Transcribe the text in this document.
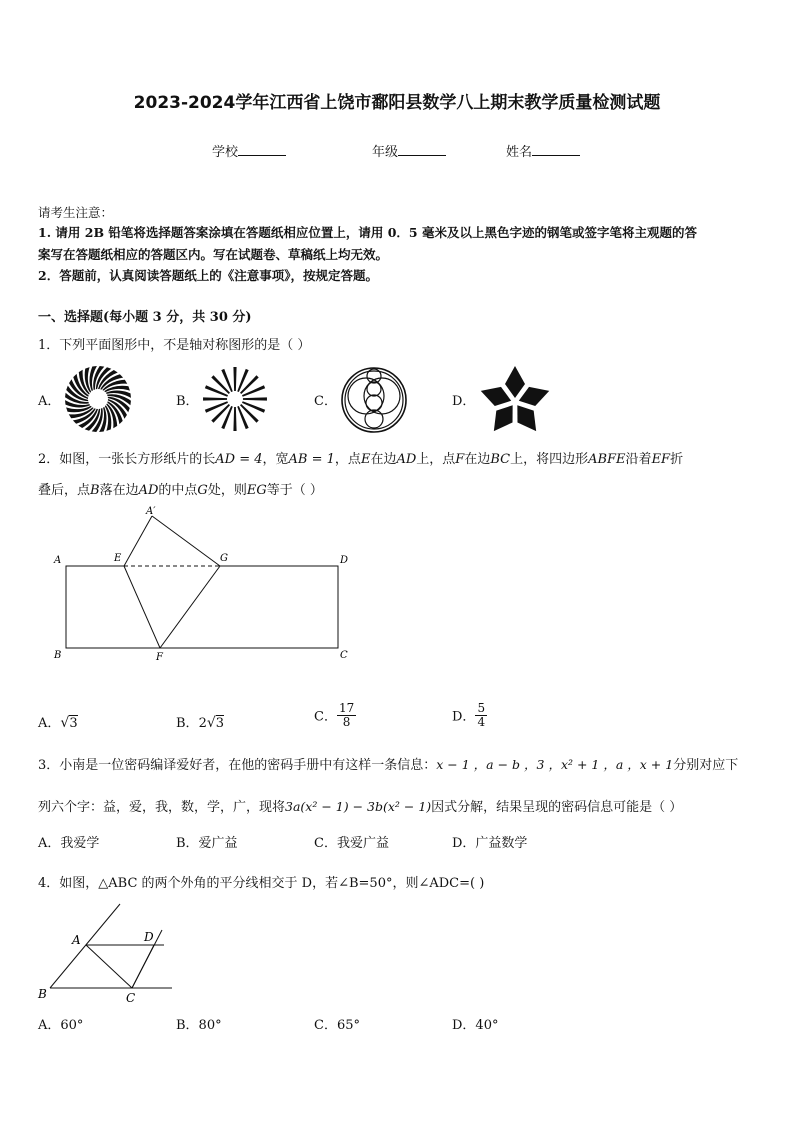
2023-2024学年江西省上饶市鄱阳县数学八上期末教学质量检测试题
学校	年级	姓名
请考生注意：
1. 请用 2B 铅笔将选择题答案涂填在答题纸相应位置上，请用 0．5 毫米及以上黑色字迹的钢笔或签字笔将主观题的答
案写在答题纸相应的答题区内。写在试题卷、草稿纸上均无效。
2．答题前，认真阅读答题纸上的《注意事项》，按规定答题。
一、选择题(每小题 3 分，共 30 分)
1．下列平面图形中，不是轴对称图形的是（ ）
A．	B．	C．	D．
2．如图，一张长方形纸片的长AD = 4，宽AB = 1，点E在边AD上，点F在边BC上，将四边形ABFE沿着EF折
叠后，点B落在边AD的中点G处，则EG等于（ ）
A′
A	E	G	D
B	F	C
A．√3	B．2√3	C． $\frac{17}{8}$	D． $\frac{5}{4}$
3．小南是一位密码编译爱好者，在他的密码手册中有这样一条信息：x − 1 ，a − b ，3 ，x² + 1 ，a ，x + 1分别对应下
列六个字：益，爱，我，数，学，广，现将3a(x² − 1) − 3b(x² − 1)因式分解，结果呈现的密码信息可能是（ ）
A．我爱学	B．爱广益	C．我爱广益	D．广益数学
4．如图，△ABC 的两个外角的平分线相交于 D，若∠B=50°，则∠ADC=( )
A	D
B	C
A．60°	B．80°	C．65°	D．40°
